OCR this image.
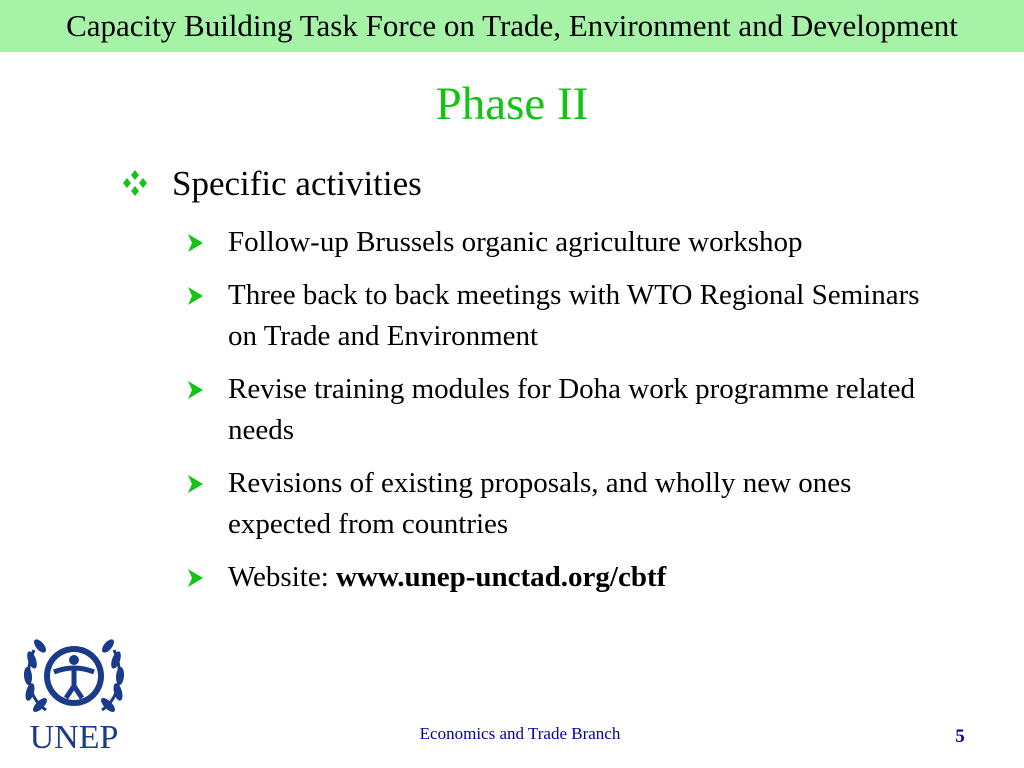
Capacity Building Task Force on Trade, Environment and Development
Phase II
Specific activities
Follow-up Brussels organic agriculture workshop
Three back to back meetings with WTO Regional Seminars on Trade and Environment
Revise training modules for Doha work programme related needs
Revisions of existing proposals, and wholly new ones expected from countries
Website: www.unep-unctad.org/cbtf
UNEP	Economics and Trade Branch	5
